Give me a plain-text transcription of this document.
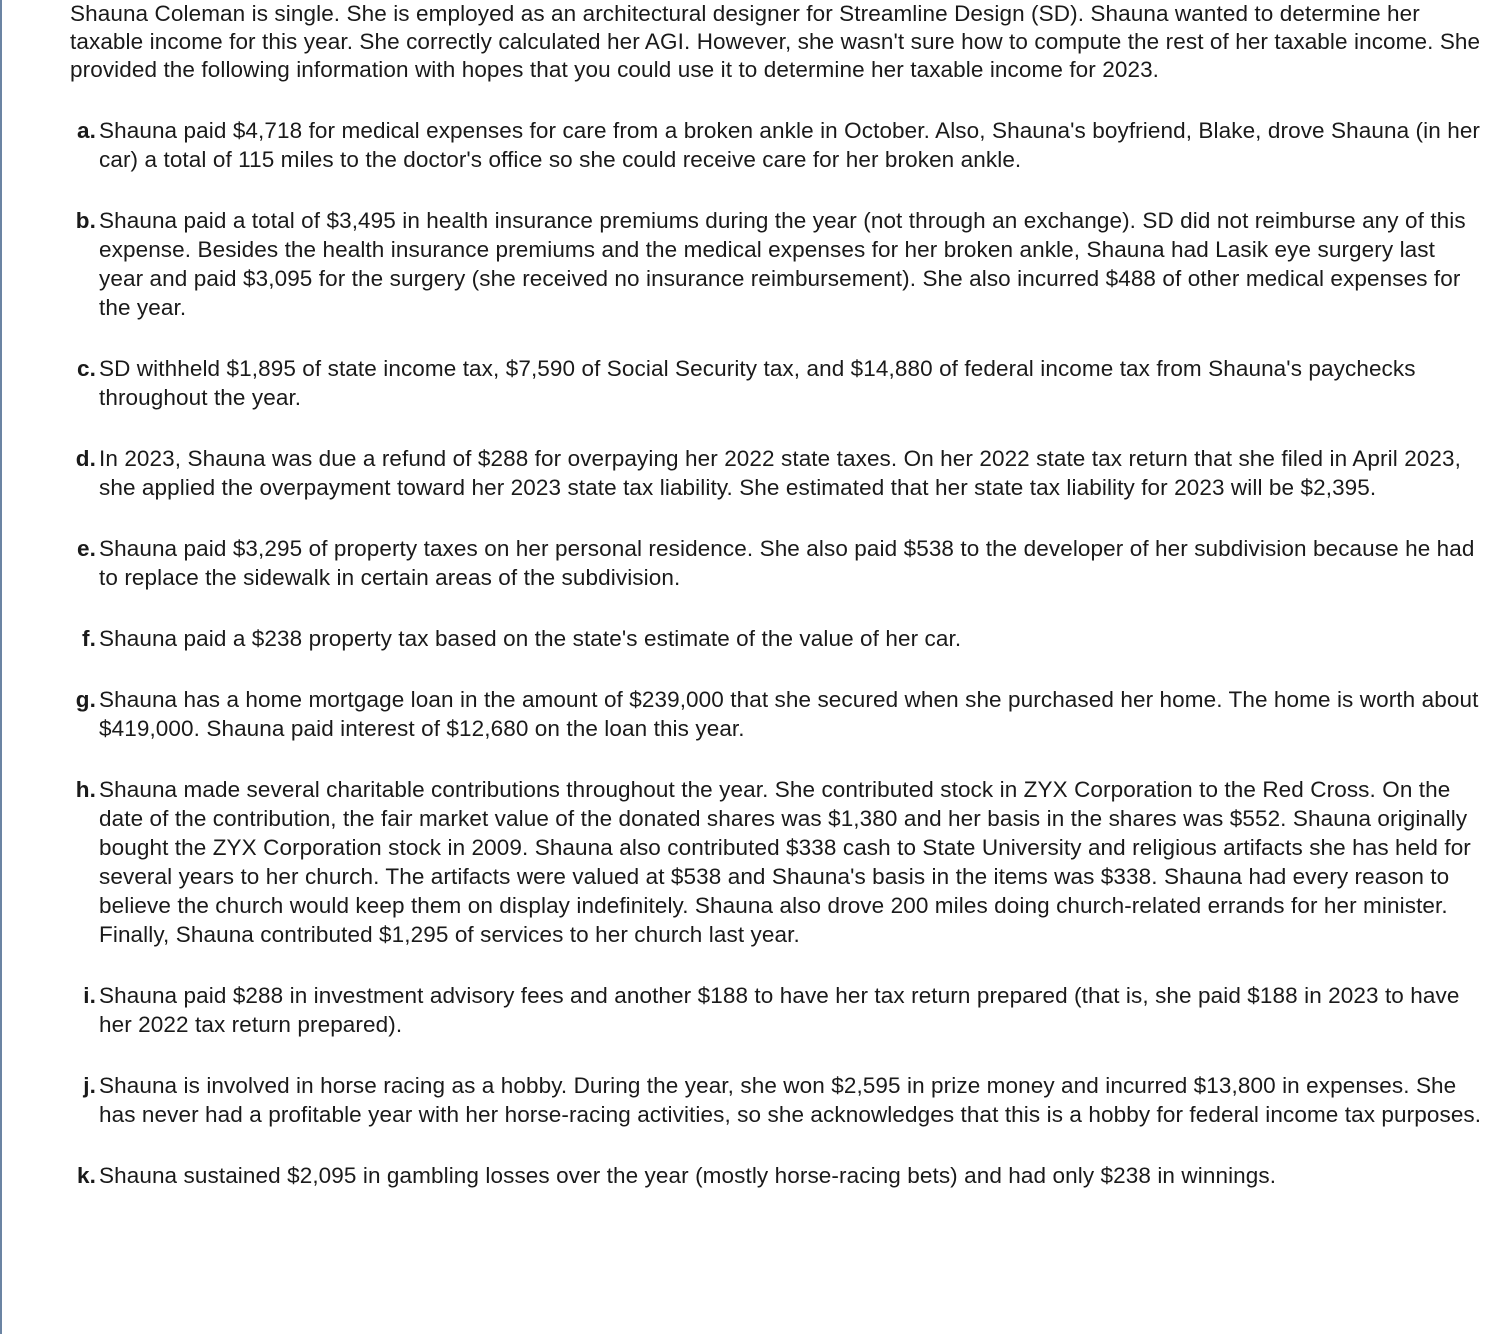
Shauna Coleman is single. She is employed as an architectural designer for Streamline Design (SD). Shauna wanted to determine her taxable income for this year. She correctly calculated her AGI. However, she wasn't sure how to compute the rest of her taxable income. She provided the following information with hopes that you could use it to determine her taxable income for 2023.

a. Shauna paid $4,718 for medical expenses for care from a broken ankle in October. Also, Shauna's boyfriend, Blake, drove Shauna (in her car) a total of 115 miles to the doctor's office so she could receive care for her broken ankle.
b. Shauna paid a total of $3,495 in health insurance premiums during the year (not through an exchange). SD did not reimburse any of this expense. Besides the health insurance premiums and the medical expenses for her broken ankle, Shauna had Lasik eye surgery last year and paid $3,095 for the surgery (she received no insurance reimbursement). She also incurred $488 of other medical expenses for the year.
c. SD withheld $1,895 of state income tax, $7,590 of Social Security tax, and $14,880 of federal income tax from Shauna's paychecks throughout the year.
d. In 2023, Shauna was due a refund of $288 for overpaying her 2022 state taxes. On her 2022 state tax return that she filed in April 2023, she applied the overpayment toward her 2023 state tax liability. She estimated that her state tax liability for 2023 will be $2,395.
e. Shauna paid $3,295 of property taxes on her personal residence. She also paid $538 to the developer of her subdivision because he had to replace the sidewalk in certain areas of the subdivision.
f. Shauna paid a $238 property tax based on the state's estimate of the value of her car.
g. Shauna has a home mortgage loan in the amount of $239,000 that she secured when she purchased her home. The home is worth about $419,000. Shauna paid interest of $12,680 on the loan this year.
h. Shauna made several charitable contributions throughout the year. She contributed stock in ZYX Corporation to the Red Cross. On the date of the contribution, the fair market value of the donated shares was $1,380 and her basis in the shares was $552. Shauna originally bought the ZYX Corporation stock in 2009. Shauna also contributed $338 cash to State University and religious artifacts she has held for several years to her church. The artifacts were valued at $538 and Shauna's basis in the items was $338. Shauna had every reason to believe the church would keep them on display indefinitely. Shauna also drove 200 miles doing church-related errands for her minister. Finally, Shauna contributed $1,295 of services to her church last year.
i. Shauna paid $288 in investment advisory fees and another $188 to have her tax return prepared (that is, she paid $188 in 2023 to have her 2022 tax return prepared).
j. Shauna is involved in horse racing as a hobby. During the year, she won $2,595 in prize money and incurred $13,800 in expenses. She has never had a profitable year with her horse-racing activities, so she acknowledges that this is a hobby for federal income tax purposes.
k. Shauna sustained $2,095 in gambling losses over the year (mostly horse-racing bets) and had only $238 in winnings.
